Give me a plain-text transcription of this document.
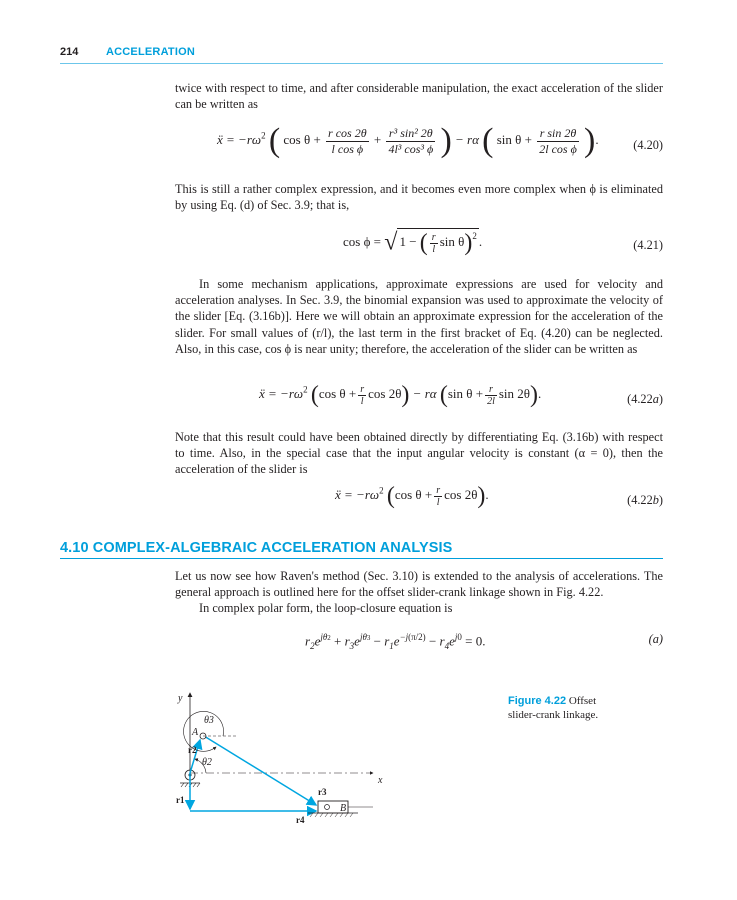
214	ACCELERATION

twice with respect to time, and after considerable manipulation, the exact acceleration of the slider can be written as

ẍ = $-r\omega^2$ ( $\cos \theta + \frac{\text{r cos 2θ}}{\text{l cos ϕ}} + \frac{\text{r³ sin² 2θ}}{\text{4l³ cos³ ϕ}}$ ) − rα ( $\sin \theta + \frac{\text{r sin 2θ}}{\text{2l cos ϕ}}$ ).	(4.20)

This is still a rather complex expression, and it becomes even more complex when ϕ is eliminated by using Eq. (d) of Sec. 3.9; that is,

cos ϕ = √ 1 − ( $\frac{r}{l}$ sin θ)$^2$ .	(4.21)

In some mechanism applications, approximate expressions are used for velocity and acceleration analyses. In Sec. 3.9, the binomial expansion was used to approximate the velocity of the slider [Eq. (3.16b)]. Here we will obtain an approximate expression for the acceleration of the slider. For small values of (r/l), the last term in the first bracket of Eq. (4.20) can be neglected. Also, in this case, cos ϕ is near unity; therefore, the acceleration of the slider can be written as

ẍ = $-r\omega^2$ (cos $\theta + \frac{r}{l}$ cos 2θ) − rα (sin $\theta + \frac{r}{2l}$ sin 2θ).	(4.22a)

Note that this result could have been obtained directly by differentiating Eq. (3.16b) with respect to time. Also, in the special case that the input angular velocity is constant (α = 0), then the acceleration of the slider is

ẍ = $-r\omega^2$ (cos $\theta + \frac{r}{l}$ cos 2θ).	(4.22b)
4.10 COMPLEX-ALGEBRAIC ACCELERATION ANALYSIS

Let us now see how Raven's method (Sec. 3.10) is extended to the analysis of accelerations. The general approach is outlined here for the offset slider-crank linkage shown in Fig. 4.22.

In complex polar form, the loop-closure equation is

$r_2e^{j\theta 2} + r_3e^{j\theta 3} - r_1e^{-j(\pi/2)} - r_4e^{j0} = 0$.	(a)
Figure 4.22 Offset
slider-crank linkage.
y
x
θ3
θ2
A
B
r2
r1
r3
r4
